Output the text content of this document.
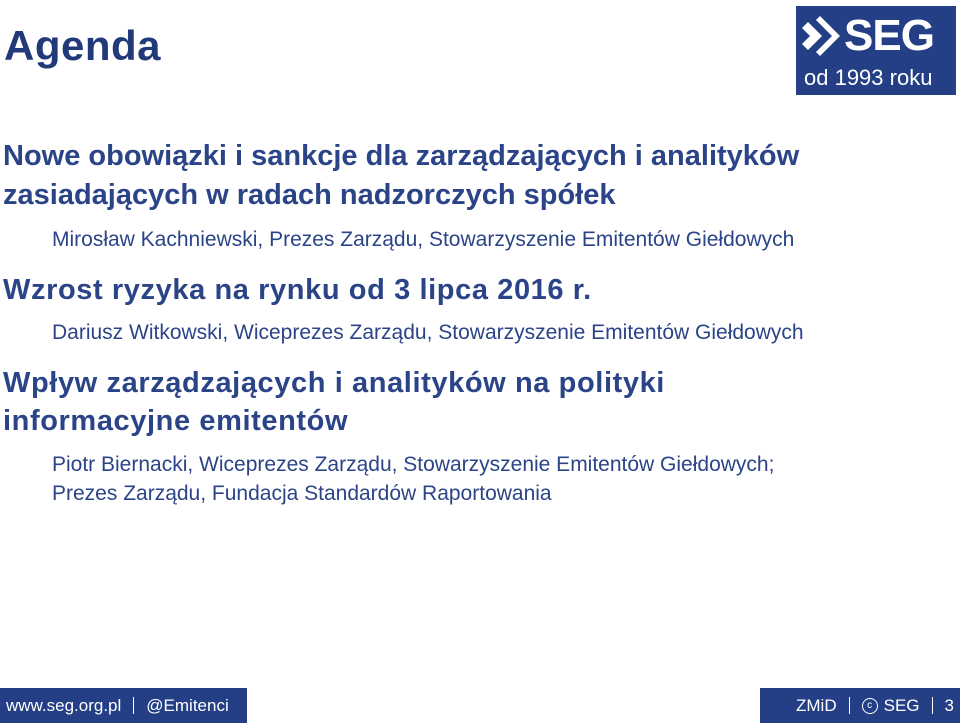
Agenda	SEG
od 1993 roku

Nowe obowiązki i sankcje dla zarządzających i analityków

zasiadających w radach nadzorczych spółek

Mirosław Kachniewski, Prezes Zarządu, Stowarzyszenie Emitentów Giełdowych

Wzrost ryzyka na rynku od 3 lipca 2016 r.

Dariusz Witkowski, Wiceprezes Zarządu, Stowarzyszenie Emitentów Giełdowych

Wpływ zarządzających i analityków na polityki

informacyjne emitentów

Piotr Biernacki, Wiceprezes Zarządu, Stowarzyszenie Emitentów Giełdowych;

Prezes Zarządu, Fundacja Standardów Raportowania

www.seg.org.pl @Emitenci	ZMiD	c SEG 3
